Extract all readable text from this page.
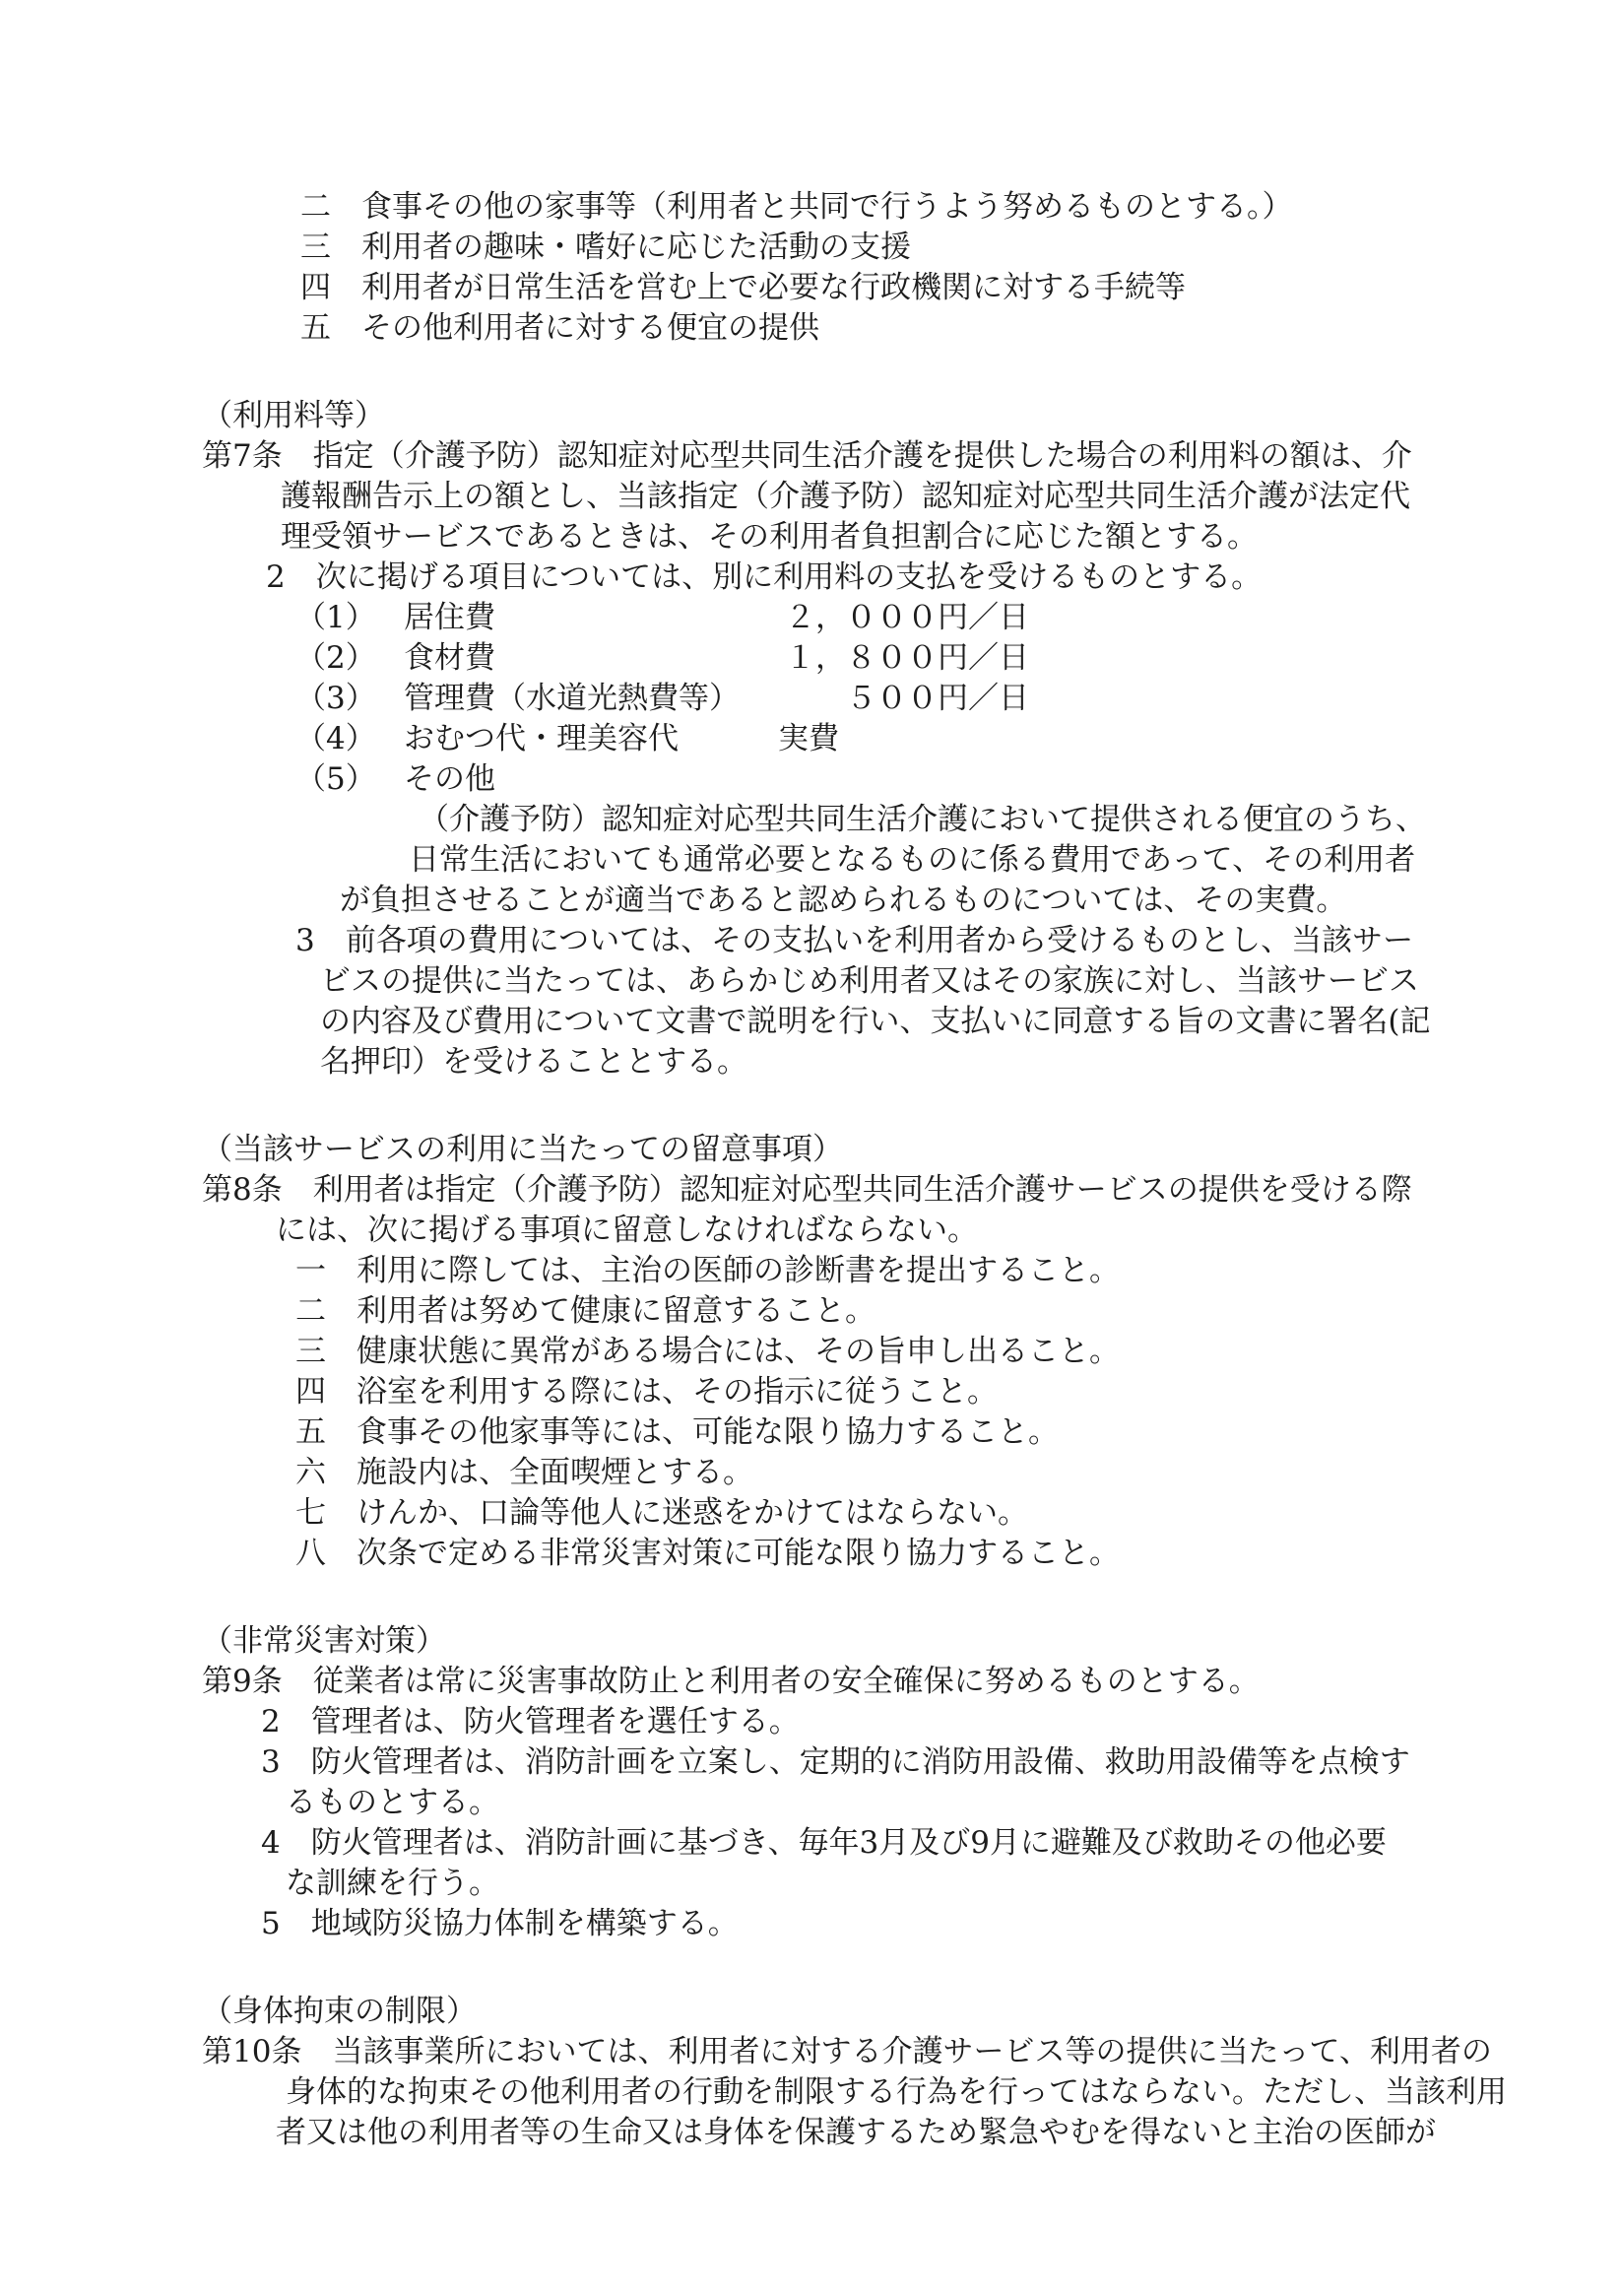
二　食事その他の家事等（利用者と共同で行うよう努めるものとする。）
三　利用者の趣味・嗜好に応じた活動の支援
四　利用者が日常生活を営む上で必要な行政機関に対する手続等
五　その他利用者に対する便宜の提供
（利用料等）
第7条　指定（介護予防）認知症対応型共同生活介護を提供した場合の利用料の額は、介
護報酬告示上の額とし、当該指定（介護予防）認知症対応型共同生活介護が法定代
理受領サービスであるときは、その利用者負担割合に応じた額とする。
2　次に掲げる項目については、別に利用料の支払を受けるものとする。
（1） 居住費	２，０００円／日
（2） 食材費	１，８００円／日
（3） 管理費（水道光熱費等）	５００円／日
（4） おむつ代・理美容代	実費
（5） その他
（介護予防）認知症対応型共同生活介護において提供される便宜のうち、
日常生活においても通常必要となるものに係る費用であって、その利用者
が負担させることが適当であると認められるものについては、その実費。
3　前各項の費用については、その支払いを利用者から受けるものとし、当該サー
ビスの提供に当たっては、あらかじめ利用者又はその家族に対し、当該サービス
の内容及び費用について文書で説明を行い、支払いに同意する旨の文書に署名(記
名押印）を受けることとする。
（当該サービスの利用に当たっての留意事項）
第8条　利用者は指定（介護予防）認知症対応型共同生活介護サービスの提供を受ける際
には、次に掲げる事項に留意しなければならない。
一　利用に際しては、主治の医師の診断書を提出すること。
二　利用者は努めて健康に留意すること。
三　健康状態に異常がある場合には、その旨申し出ること。
四　浴室を利用する際には、その指示に従うこと。
五　食事その他家事等には、可能な限り協力すること。
六　施設内は、全面喫煙とする。
七　けんか、口論等他人に迷惑をかけてはならない。
八　次条で定める非常災害対策に可能な限り協力すること。
（非常災害対策）
第9条　従業者は常に災害事故防止と利用者の安全確保に努めるものとする。
2　管理者は、防火管理者を選任する。
3　防火管理者は、消防計画を立案し、定期的に消防用設備、救助用設備等を点検す
るものとする。
4　防火管理者は、消防計画に基づき、毎年3月及び9月に避難及び救助その他必要
な訓練を行う。
5　地域防災協力体制を構築する。
（身体拘束の制限）
第10条　当該事業所においては、利用者に対する介護サービス等の提供に当たって、利用者の
身体的な拘束その他利用者の行動を制限する行為を行ってはならない。ただし、当該利用
者又は他の利用者等の生命又は身体を保護するため緊急やむを得ないと主治の医師が
